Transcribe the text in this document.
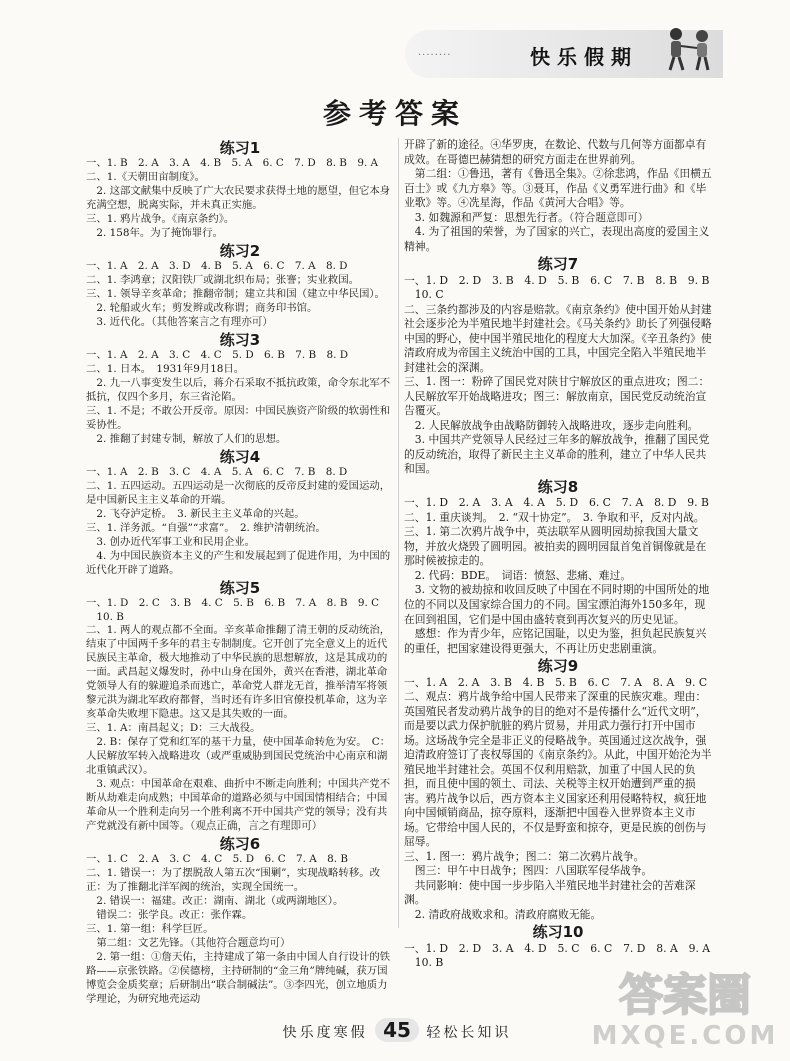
········	快乐假期
参考答案
练习1
一、1. B　2. A　3. A　4. B　5. A　6. C　7. D　8. B　9. A
二、1.《天朝田亩制度》。
　2. 这部文献集中反映了广大农民要求获得土地的愿望，但它本身充满空想，脱离实际，并未真正实施。
三、1. 鸦片战争。《南京条约》。
　2. 158年。为了掩饰罪行。
练习2
一、1. A　2. A　3. D　4. B　5. A　6. C　7. A　8. D
二、1. 李鸿章；汉阳铁厂或湖北织布局；张謇；实业救国。
三、1. 领导辛亥革命；推翻帝制；建立共和国（建立中华民国）。
　2. 轮船或火车；剪发辫或改称谓；商务印书馆。
　3. 近代化。（其他答案言之有理亦可）
练习3
一、1. A　2. A　3. C　4. C　5. D　6. B　7. B　8. D
二、1. 日本。　1931年9月18日。
　2. 九一八事变发生以后，蒋介石采取不抵抗政策，命令东北军不抵抗，仅四个多月，东三省沦陷。
三、1. 不是；不敢公开反帝。原因：中国民族资产阶级的软弱性和妥协性。
　2. 推翻了封建专制，解放了人们的思想。
练习4
一、1. A　2. B　3. C　4. A　5. A　6. C　7. B　8. D
二、1. 五四运动。五四运动是一次彻底的反帝反封建的爱国运动，是中国新民主主义革命的开端。
　2. 飞夺泸定桥。　3. 新民主主义革命的兴起。
三、1. 洋务派。“自强”“求富”。　2. 维护清朝统治。
　3. 创办近代军事工业和民用企业。
　4. 为中国民族资本主义的产生和发展起到了促进作用，为中国的近代化开辟了道路。
练习5
一、1. D　2. C　3. B　4. C　5. B　6. B　7. A　8. B　9. C
　10. B
二、1. 两人的观点都不全面。辛亥革命推翻了清王朝的反动统治，结束了中国两千多年的君主专制制度。它开创了完全意义上的近代民族民主革命，极大地推动了中华民族的思想解放，这是其成功的一面。武昌起义爆发时，孙中山身在国外，黄兴在香港，湖北革命党领导人有的躲避追杀而逃亡，革命党人群龙无首，推举清军将领黎元洪为湖北军政府都督，当时还有许多旧官僚投机革命，这为辛亥革命失败埋下隐患。这又是其失败的一面。
三、1. A：南昌起义；D：三大战役。
　2. B：保存了党和红军的基干力量，使中国革命转危为安。　C：人民解放军转入战略进攻（或严重威胁到国民党统治中心南京和湖北重镇武汉）。
　3. 观点：中国革命在艰难、曲折中不断走向胜利；中国共产党不断从劫难走向成熟；中国革命的道路必须与中国国情相结合；中国革命从一个胜利走向另一个胜利离不开中国共产党的领导；没有共产党就没有新中国等。（观点正确，言之有理即可）
练习6
一、1. C　2. A　3. C　4. C　5. D　6. C　7. A　8. B
二、1. 错误一：为了摆脱敌人第五次“围剿”，实现战略转移。改正：为了推翻北洋军阀的统治，实现全国统一。
　2. 错误一：福建。改正：湖南、湖北（或两湖地区）。
　错误二：张学良。改正：张作霖。
三、1. 第一组：科学巨匠。
　第二组：文艺先锋。（其他符合题意均可）
　2. 第一组：①詹天佑，主持建成了第一条由中国人自行设计的铁路——京张铁路。②侯德榜，主持研制的“金三角”牌纯碱，获万国博览会金质奖章；后研制出“联合制碱法”。③李四光，创立地质力学理论，为研究地壳运动
开辟了新的途径。④华罗庚，在数论、代数与几何等方面都卓有成效。在哥德巴赫猜想的研究方面走在世界前列。
　第二组：①鲁迅，著有《鲁迅全集》。②徐悲鸿，作品《田横五百士》或《九方皋》等。③聂耳，作品《义勇军进行曲》和《毕业歌》等。④冼星海，作品《黄河大合唱》等。
　3. 如魏源和严复：思想先行者。（符合题意即可）
　4. 为了祖国的荣誉，为了国家的兴亡，表现出高度的爱国主义精神。
练习7
一、1. D　2. D　3. B　4. D　5. B　6. C　7. B　8. B　9. B
　10. C
二、三条约都涉及的内容是赔款。《南京条约》使中国开始从封建社会逐步沦为半殖民地半封建社会。《马关条约》助长了列强侵略中国的野心，使中国半殖民地化的程度大大加深。《辛丑条约》使清政府成为帝国主义统治中国的工具，中国完全陷入半殖民地半封建社会的深渊。
三、1. 图一：粉碎了国民党对陕甘宁解放区的重点进攻；图二：人民解放军开始战略进攻；图三：解放南京，国民党反动统治宣告覆灭。
　2. 人民解放战争由战略防御转入战略进攻，逐步走向胜利。
　3. 中国共产党领导人民经过三年多的解放战争，推翻了国民党的反动统治，取得了新民主主义革命的胜利，建立了中华人民共和国。
练习8
一、1. D　2. A　3. A　4. A　5. D　6. C　7. A　8. D　9. B
二、1. 重庆谈判。　2. “双十协定”。　3. 争取和平，反对内战。
三、1. 第二次鸦片战争中，英法联军从圆明园劫掠我国大量文物，并放火烧毁了圆明园。被拍卖的圆明园鼠首兔首铜像就是在那时候被掠走的。
　2. 代码：BDE。　词语：愤怒、悲痛、难过。
　3. 文物的被劫掠和收回反映了中国在不同时期的中国所处的地位的不同以及国家综合国力的不同。国宝漂泊海外150多年，现在回到祖国，它们是中国由盛转衰到再次复兴的历史见证。
　感想：作为青少年，应铭记国耻，以史为鉴，担负起民族复兴的重任，把国家建设得更强大，不再让历史悲剧重演。
练习9
一、1. A　2. A　3. B　4. B　5. B　6. C　7. A　8. A　9. C
二、观点：鸦片战争给中国人民带来了深重的民族灾难。理由：英国殖民者发动鸦片战争的目的绝对不是传播什么“近代文明”，而是要以武力保护肮脏的鸦片贸易，并用武力强行打开中国市场。这场战争完全是非正义的侵略战争。英国通过这次战争，强迫清政府签订了丧权辱国的《南京条约》。从此，中国开始沦为半殖民地半封建社会。英国不仅利用赔款，加重了中国人民的负担，而且使中国的领土、司法、关税等主权开始遭到严重的损害。鸦片战争以后，西方资本主义国家还利用侵略特权，疯狂地向中国倾销商品，掠夺原料，逐渐把中国卷入世界资本主义市场。它带给中国人民的，不仅是野蛮和掠夺，更是民族的创伤与屈辱。
三、1. 图一：鸦片战争；图二：第二次鸦片战争。
　图三：甲午中日战争；图四：八国联军侵华战争。
　共同影响：使中国一步步陷入半殖民地半封建社会的苦难深渊。
　2. 清政府战败求和。清政府腐败无能。
练习10
一、1. D　2. D　3. A　4. D　5. C　6. C　7. D　8. A　9. A
　10. B
快乐度寒假 45 轻松长知识
答案圈
MXQE.COM
